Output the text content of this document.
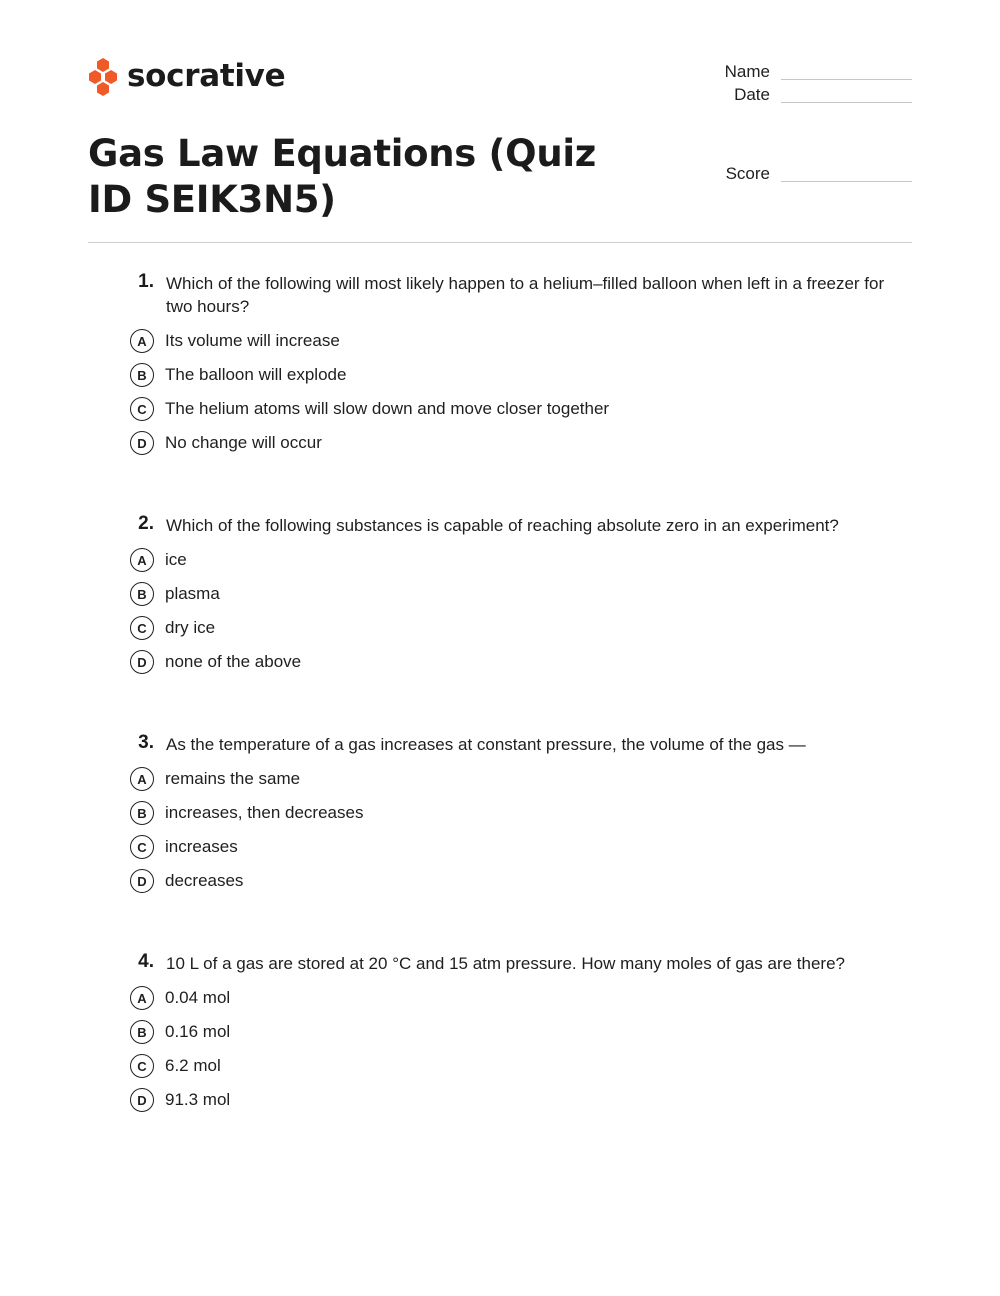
socrative	Name
Date
Score
Gas Law Equations (Quiz ID SEIK3N5)
1. Which of the following will most likely happen to a helium–filled balloon when left in a freezer for two hours?
A	Its volume will increase
B	The balloon will explode
C	The helium atoms will slow down and move closer together
D	No change will occur
2. Which of the following substances is capable of reaching absolute zero in an experiment?
A	ice
B	plasma
C	dry ice
D	none of the above
3. As the temperature of a gas increases at constant pressure, the volume of the gas —
A	remains the same
B	increases, then decreases
C	increases
D	decreases
4. 10 L of a gas are stored at 20 °C and 15 atm pressure. How many moles of gas are there?
A	0.04 mol
B	0.16 mol
C	6.2 mol
D	91.3 mol
